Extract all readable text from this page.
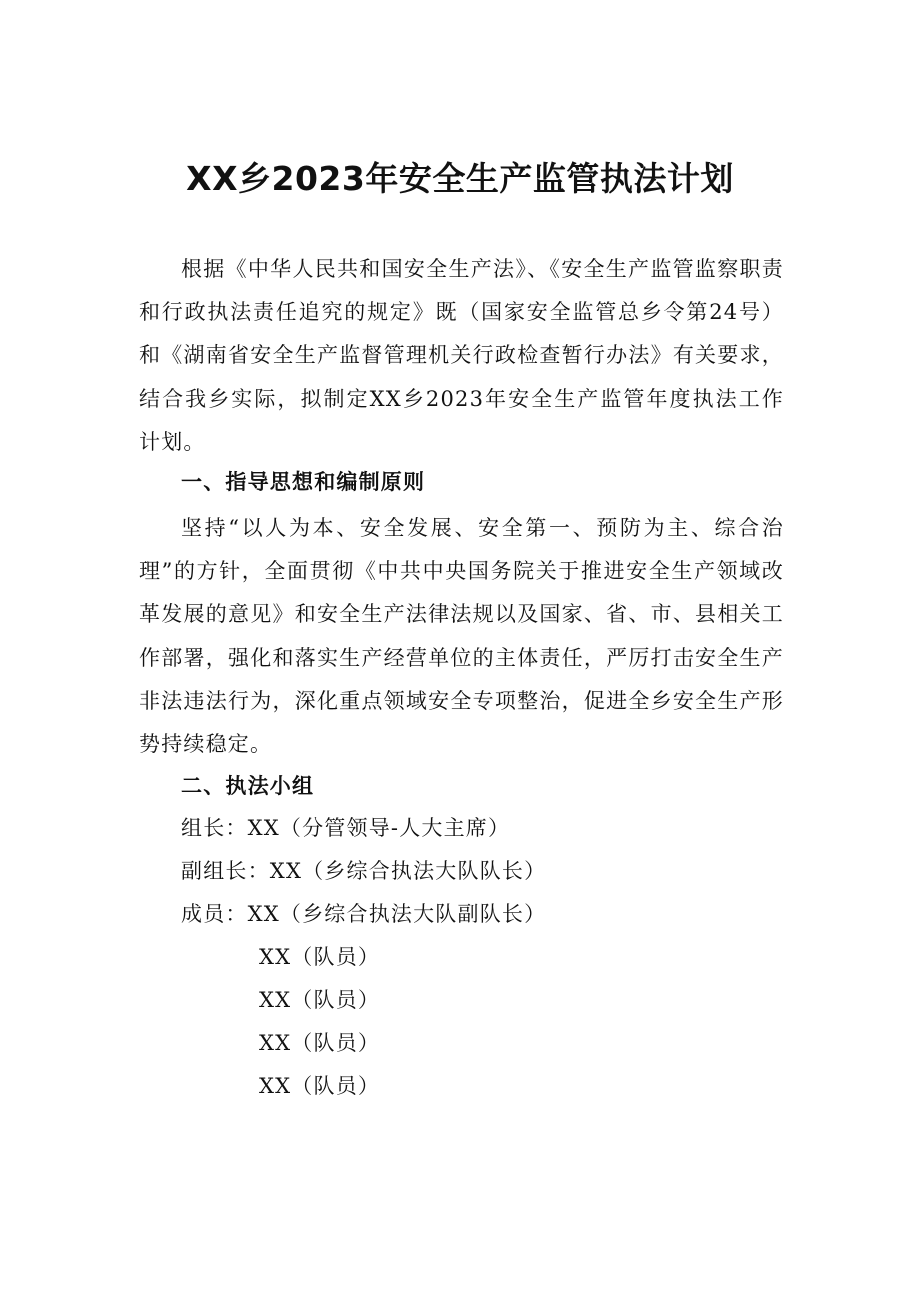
XX乡2023年安全生产监管执法计划

根据《中华人民共和国安全生产法》、《安全生产监管监察职责和行政执法责任追究的规定》既（国家安全监管总乡令第24号）和《湖南省安全生产监督管理机关行政检查暂行办法》有关要求，结合我乡实际，拟制定XX乡2023年安全生产监管年度执法工作计划。

一、指导思想和编制原则

坚持“以人为本、安全发展、安全第一、预防为主、综合治理”的方针，全面贯彻《中共中央国务院关于推进安全生产领域改革发展的意见》和安全生产法律法规以及国家、省、市、县相关工作部署，强化和落实生产经营单位的主体责任，严厉打击安全生产非法违法行为，深化重点领域安全专项整治，促进全乡安全生产形势持续稳定。

二、执法小组
组长：XX（分管领导-人大主席）
副组长：XX（乡综合执法大队队长）
成员：XX（乡综合执法大队副队长）
XX（队员）
XX（队员）
XX（队员）
XX（队员）
